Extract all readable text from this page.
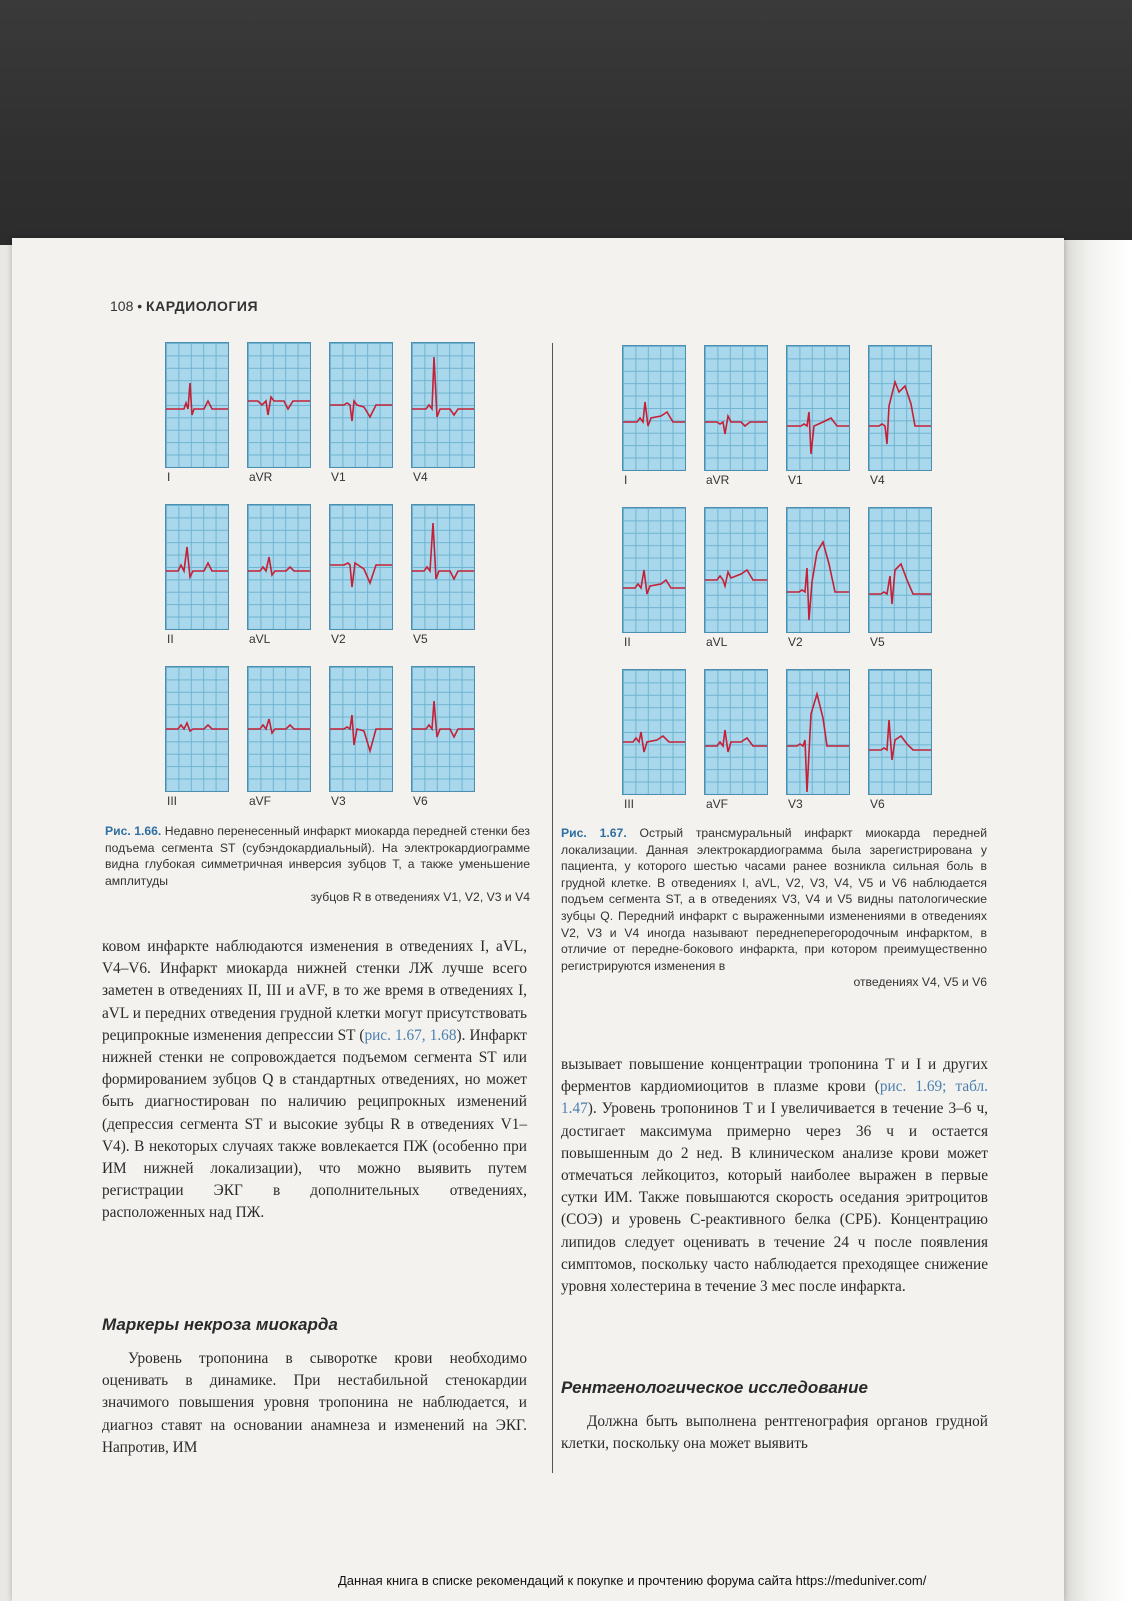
108 • КАРДИОЛОГИЯ
I	aVR	V1	V4
II	aVL	V2	V5
III	aVF	V3	V6
Рис. 1.66. Недавно перенесенный инфаркт миокарда передней стенки без подъема сегмента ST (субэндокардиальный). На электрокардиограмме видна глубокая симметричная инверсия зубцов T, а также уменьшение амплитуды
зубцов R в отведениях V1, V2, V3 и V4
I	aVR	V1	V4
II	aVL	V2	V5
III	aVF	V3	V6
Рис. 1.67. Острый трансмуральный инфаркт миокарда передней локализации. Данная электрокардиограмма была зарегистрирована у пациента, у которого шестью часами ранее возникла сильная боль в грудной клетке. В отведениях I, aVL, V2, V3, V4, V5 и V6 наблюдается подъем сегмента ST, а в отведениях V3, V4 и V5 видны патологические зубцы Q. Передний инфаркт с выраженными изменениями в отведениях V2, V3 и V4 иногда называют переднеперегородочным инфарктом, в отличие от передне-бокового инфаркта, при котором преимущественно регистрируются изменения в
отведениях V4, V5 и V6

ковом инфаркте наблюдаются изменения в отведениях I, aVL, V4–V6. Инфаркт миокарда нижней стенки ЛЖ лучше всего заметен в отведениях II, III и aVF, в то же время в отведениях I, aVL и передних отведения грудной клетки могут присутствовать реципрокные изменения депрессии ST (рис. 1.67, 1.68). Инфаркт нижней стенки не сопровождается подъемом сегмента ST или формированием зубцов Q в стандартных отведениях, но может быть диагностирован по наличию реципрокных изменений (депрессия сегмента ST и высокие зубцы R в отведениях V1–V4). В некоторых случаях также вовлекается ПЖ (особенно при ИМ нижней локализации), что можно выявить путем регистрации ЭКГ в дополнительных отведениях, расположенных над ПЖ.

Маркеры некроза миокарда

Уровень тропонина в сыворотке крови необходимо оценивать в динамике. При нестабильной стенокардии значимого повышения уровня тропонина не наблюдается, и диагноз ставят на основании анамнеза и изменений на ЭКГ. Напротив, ИМ

вызывает повышение концентрации тропонина T и I и других ферментов кардиомиоцитов в плазме крови (рис. 1.69; табл. 1.47). Уровень тропонинов T и I увеличивается в течение 3–6 ч, достигает максимума примерно через 36 ч и остается повышенным до 2 нед. В клиническом анализе крови может отмечаться лейкоцитоз, который наиболее выражен в первые сутки ИМ. Также повышаются скорость оседания эритроцитов (СОЭ) и уровень С-реактивного белка (СРБ). Концентрацию липидов следует оценивать в течение 24 ч после появления симптомов, поскольку часто наблюдается преходящее снижение уровня холестерина в течение 3 мес после инфаркта.

Рентгенологическое исследование

Должна быть выполнена рентгенография органов грудной клетки, поскольку она может выявить

Данная книга в списке рекомендаций к покупке и прочтению форума сайта https://meduniver.com/
